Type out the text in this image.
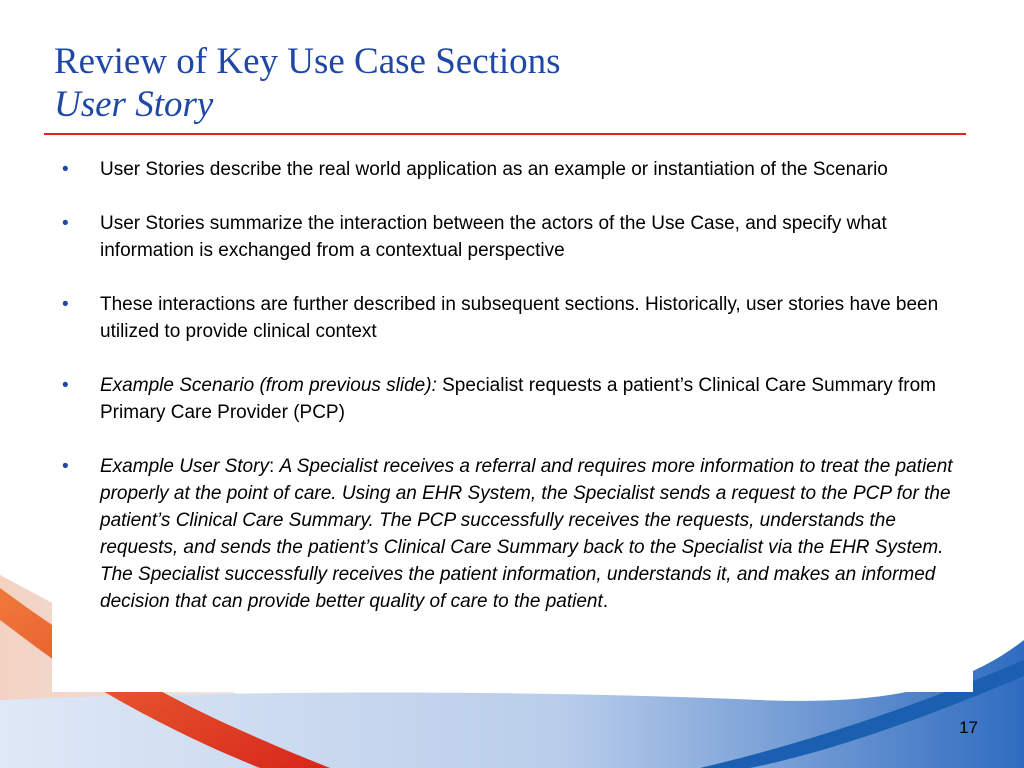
Review of Key Use Case Sections
User Story
• User Stories describe the real world application as an example or instantiation of the Scenario
• User Stories summarize the interaction between the actors of the Use Case, and specify what information is exchanged from a contextual perspective
• These interactions are further described in subsequent sections. Historically, user stories have been utilized to provide clinical context
• Example Scenario (from previous slide): Specialist requests a patient’s Clinical Care Summary from Primary Care Provider (PCP)
• Example User Story: A Specialist receives a referral and requires more information to treat the patient properly at the point of care. Using an EHR System, the Specialist sends a request to the PCP for the patient’s Clinical Care Summary. The PCP successfully receives the requests, understands the requests, and sends the patient’s Clinical Care Summary back to the Specialist via the EHR System. The Specialist successfully receives the patient information, understands it, and makes an informed decision that can provide better quality of care to the patient.
17
